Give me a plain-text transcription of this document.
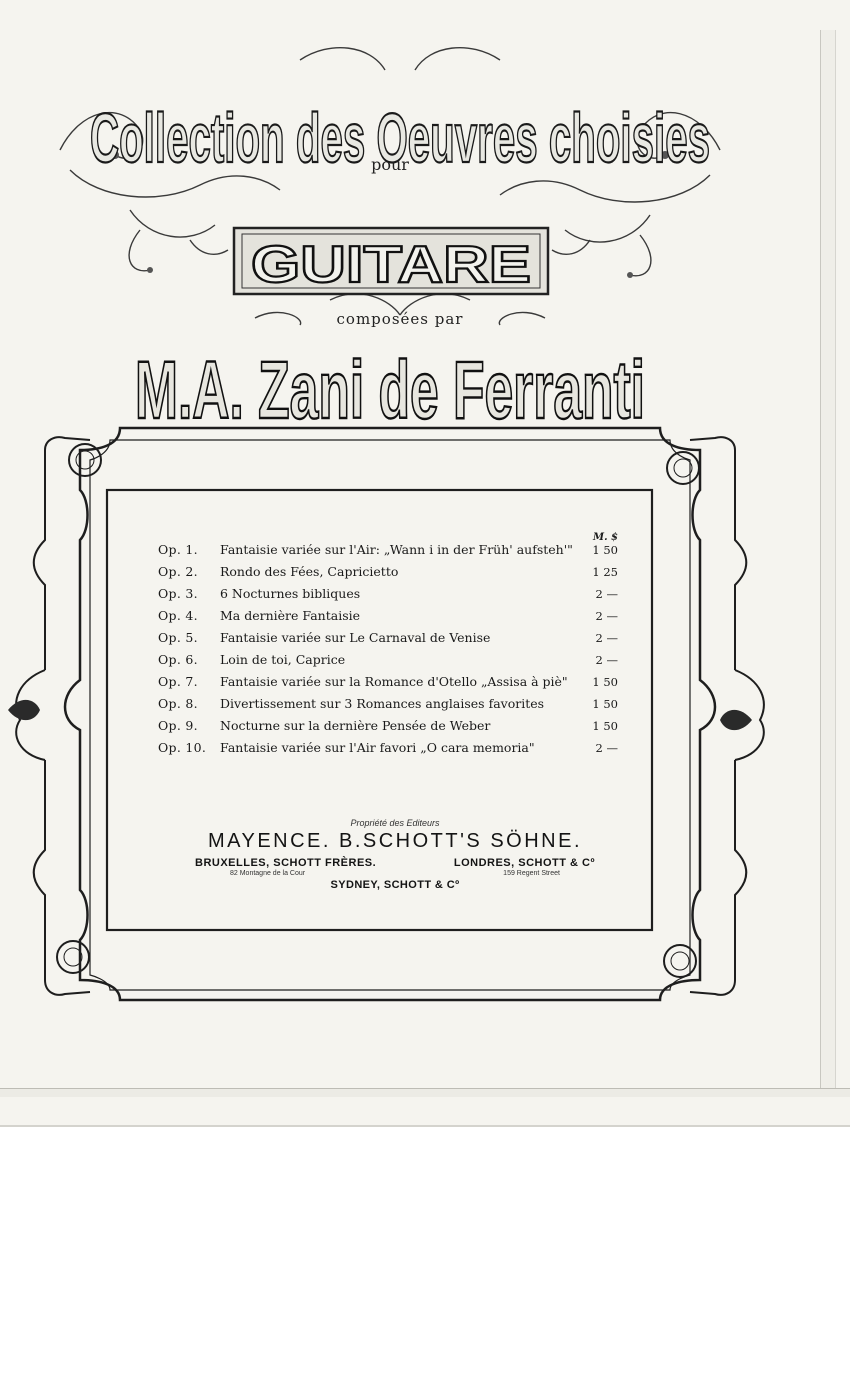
Collection des Oeuvres choisies
pour
GUITARE
composées par
M.A. Zani de Ferranti
M. $
Op. 1.	Fantaisie variée sur l'Air: „Wann i in der Früh' aufsteh'"	1 50
Op. 2.	Rondo des Fées, Capricietto	1 25
Op. 3.	6 Nocturnes bibliques	2 —
Op. 4.	Ma dernière Fantaisie	2 —
Op. 5.	Fantaisie variée sur Le Carnaval de Venise	2 —
Op. 6.	Loin de toi, Caprice	2 —
Op. 7.	Fantaisie variée sur la Romance d'Otello „Assisa à piè"	1 50
Op. 8.	Divertissement sur 3 Romances anglaises favorites	1 50
Op. 9.	Nocturne sur la dernière Pensée de Weber	1 50
Op. 10.	Fantaisie variée sur l'Air favori „O cara memoria"	2 —
Propriété des Editeurs
MAYENCE. B.SCHOTT'S SÖHNE.
BRUXELLES, SCHOTT FRÈRES.	LONDRES, SCHOTT & Cº
82 Montagne de la Cour	159 Regent Street
SYDNEY, SCHOTT & Cº
